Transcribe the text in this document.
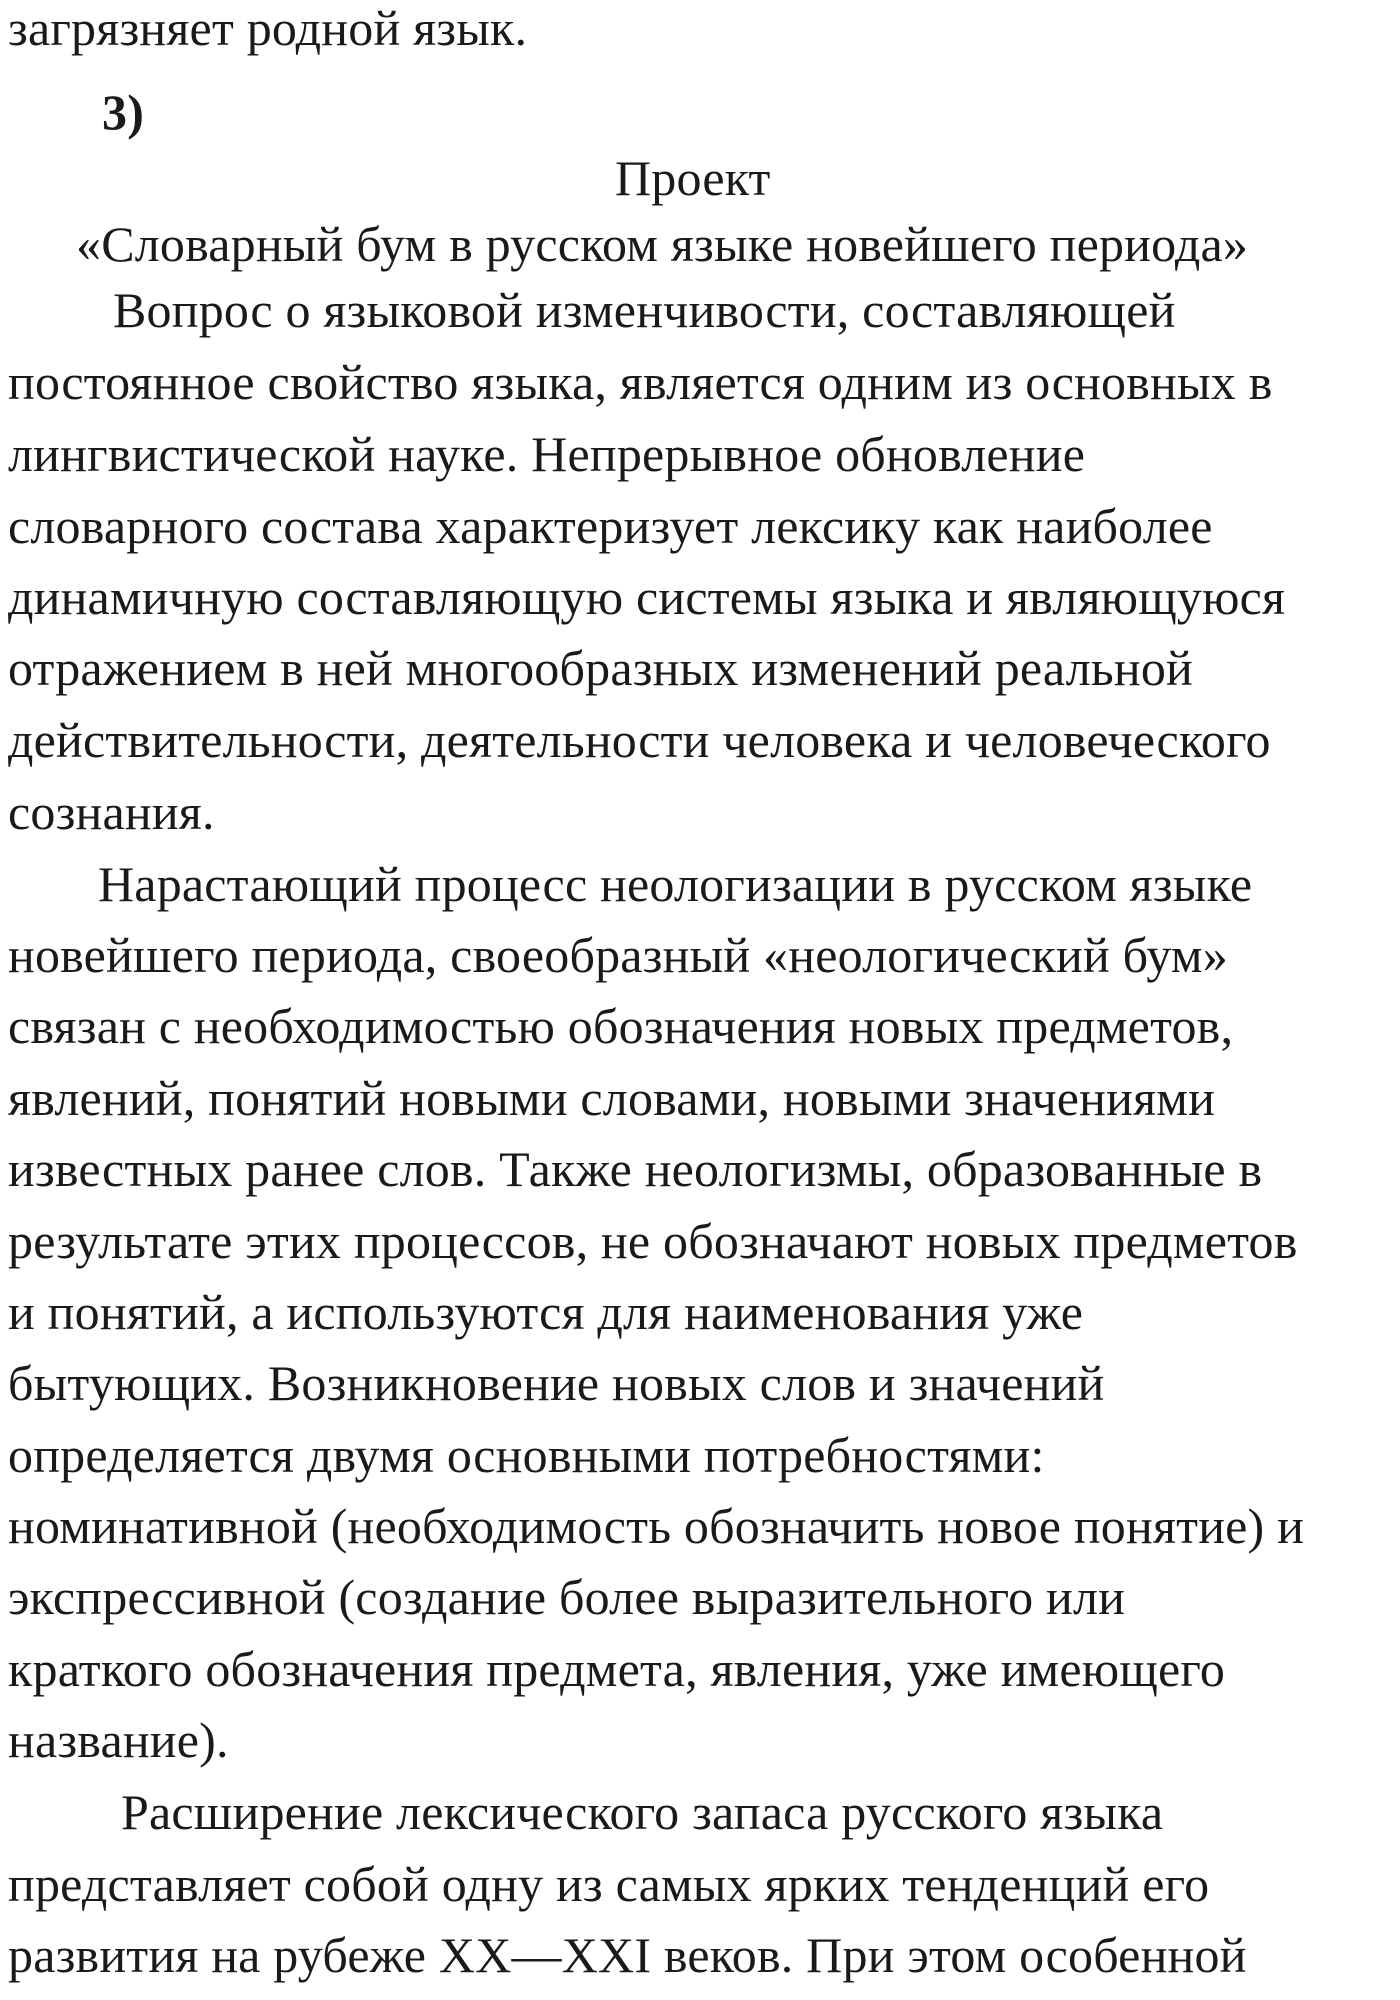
загрязняет родной язык.
3)
Проект
«Словарный бум в русском языке новейшего периода»
Вопрос о языковой изменчивости, составляющей
постоянное свойство языка, является одним из основных в
лингвистической науке. Непрерывное обновление
словарного состава характеризует лексику как наиболее
динамичную составляющую системы языка и являющуюся
отражением в ней многообразных изменений реальной
действительности, деятельности человека и человеческого
сознания.
Нарастающий процесс неологизации в русском языке
новейшего периода, своеобразный «неологический бум»
связан с необходимостью обозначения новых предметов,
явлений, понятий новыми словами, новыми значениями
известных ранее слов. Также неологизмы, образованные в
результате этих процессов, не обозначают новых предметов
и понятий, а используются для наименования уже
бытующих. Возникновение новых слов и значений
определяется двумя основными потребностями:
номинативной (необходимость обозначить новое понятие) и
экспрессивной (создание более выразительного или
краткого обозначения предмета, явления, уже имеющего
название).
Расширение лексического запаса русского языка
представляет собой одну из самых ярких тенденций его
развития на рубеже XX—XXI веков. При этом особенной
